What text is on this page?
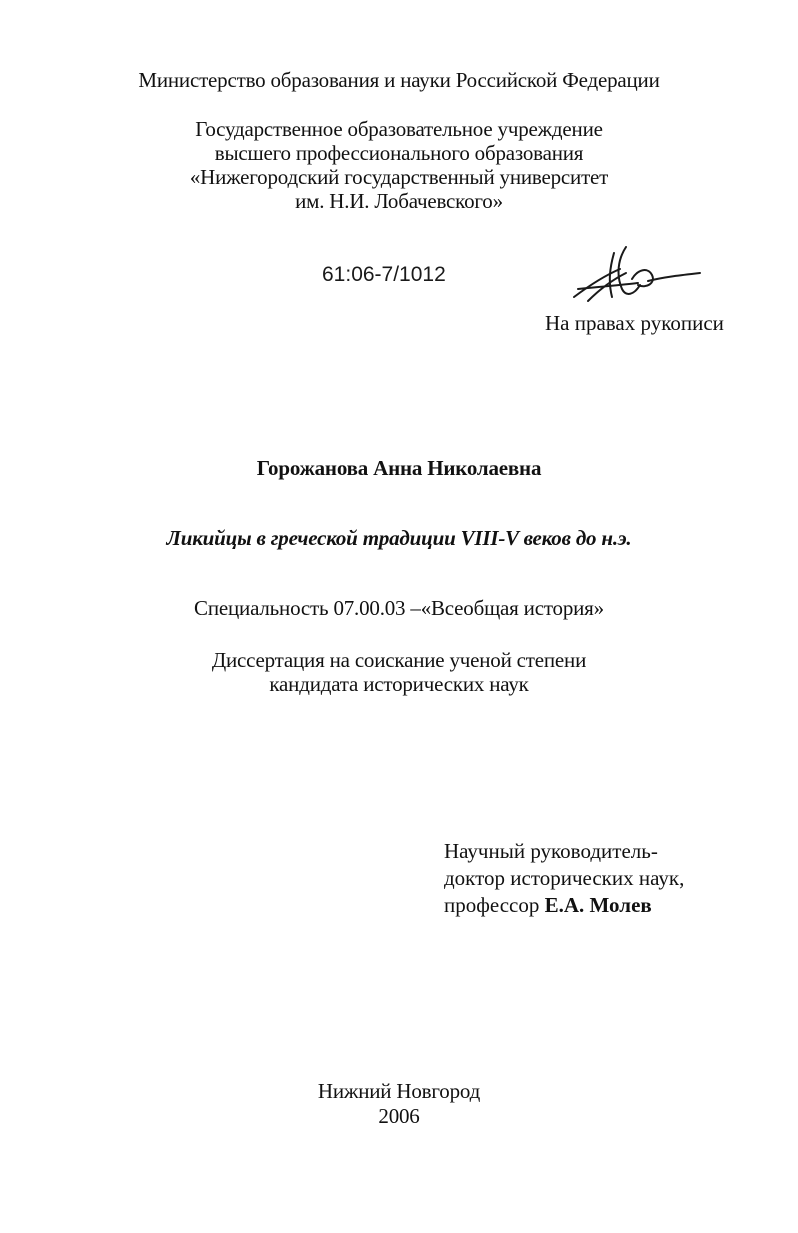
Министерство образования и науки Российской Федерации
Государственное образовательное учреждение
высшего профессионального образования
«Нижегородский государственный университет
им. Н.И. Лобачевского»
61:06-7/1012
На правах рукописи
Горожанова Анна Николаевна
Ликийцы в греческой традиции VIII-V веков до н.э.
Специальность 07.00.03 –«Всеобщая история»
Диссертация на соискание ученой степени
кандидата исторических наук
Научный руководитель-
доктор исторических наук,
профессор Е.А. Молев
Нижний Новгород
2006
